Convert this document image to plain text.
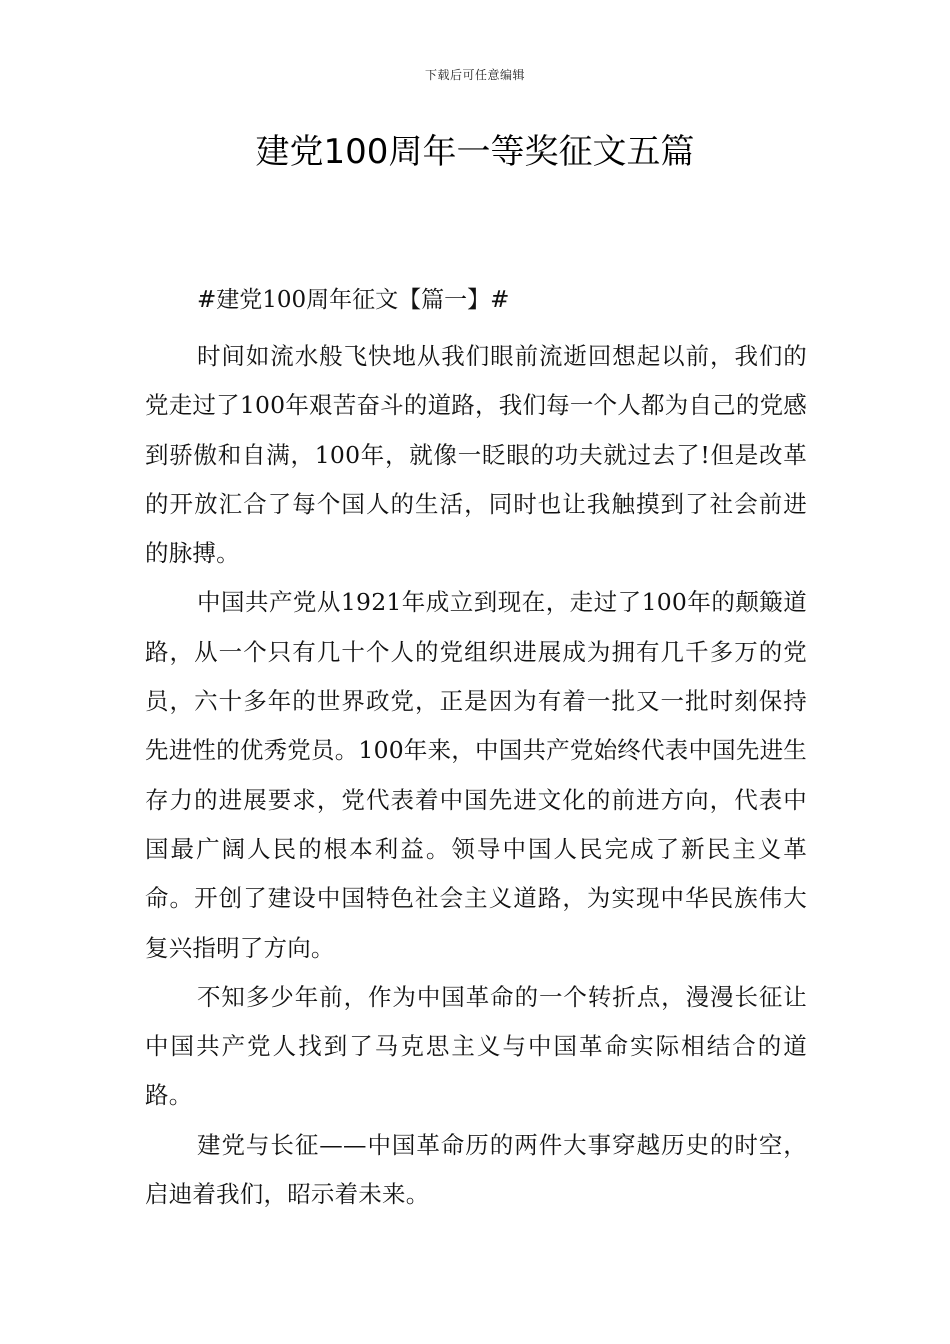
下载后可任意编辑
建党100周年一等奖征文五篇

#建党100周年征文【篇一】#

时间如流水般飞快地从我们眼前流逝回想起以前，我们的党走过了100年艰苦奋斗的道路，我们每一个人都为自己的党感到骄傲和自满，100年，就像一眨眼的功夫就过去了!但是改革的开放汇合了每个国人的生活，同时也让我触摸到了社会前进的脉搏。

中国共产党从1921年成立到现在，走过了100年的颠簸道路，从一个只有几十个人的党组织进展成为拥有几千多万的党员，六十多年的世界政党，正是因为有着一批又一批时刻保持先进性的优秀党员。100年来，中国共产党始终代表中国先进生存力的进展要求，党代表着中国先进文化的前进方向，代表中国最广阔人民的根本利益。领导中国人民完成了新民主义革命。开创了建设中国特色社会主义道路，为实现中华民族伟大复兴指明了方向。

不知多少年前，作为中国革命的一个转折点，漫漫长征让中国共产党人找到了马克思主义与中国革命实际相结合的道路。

建党与长征——中国革命历的两件大事穿越历史的时空，启迪着我们，昭示着未来。
